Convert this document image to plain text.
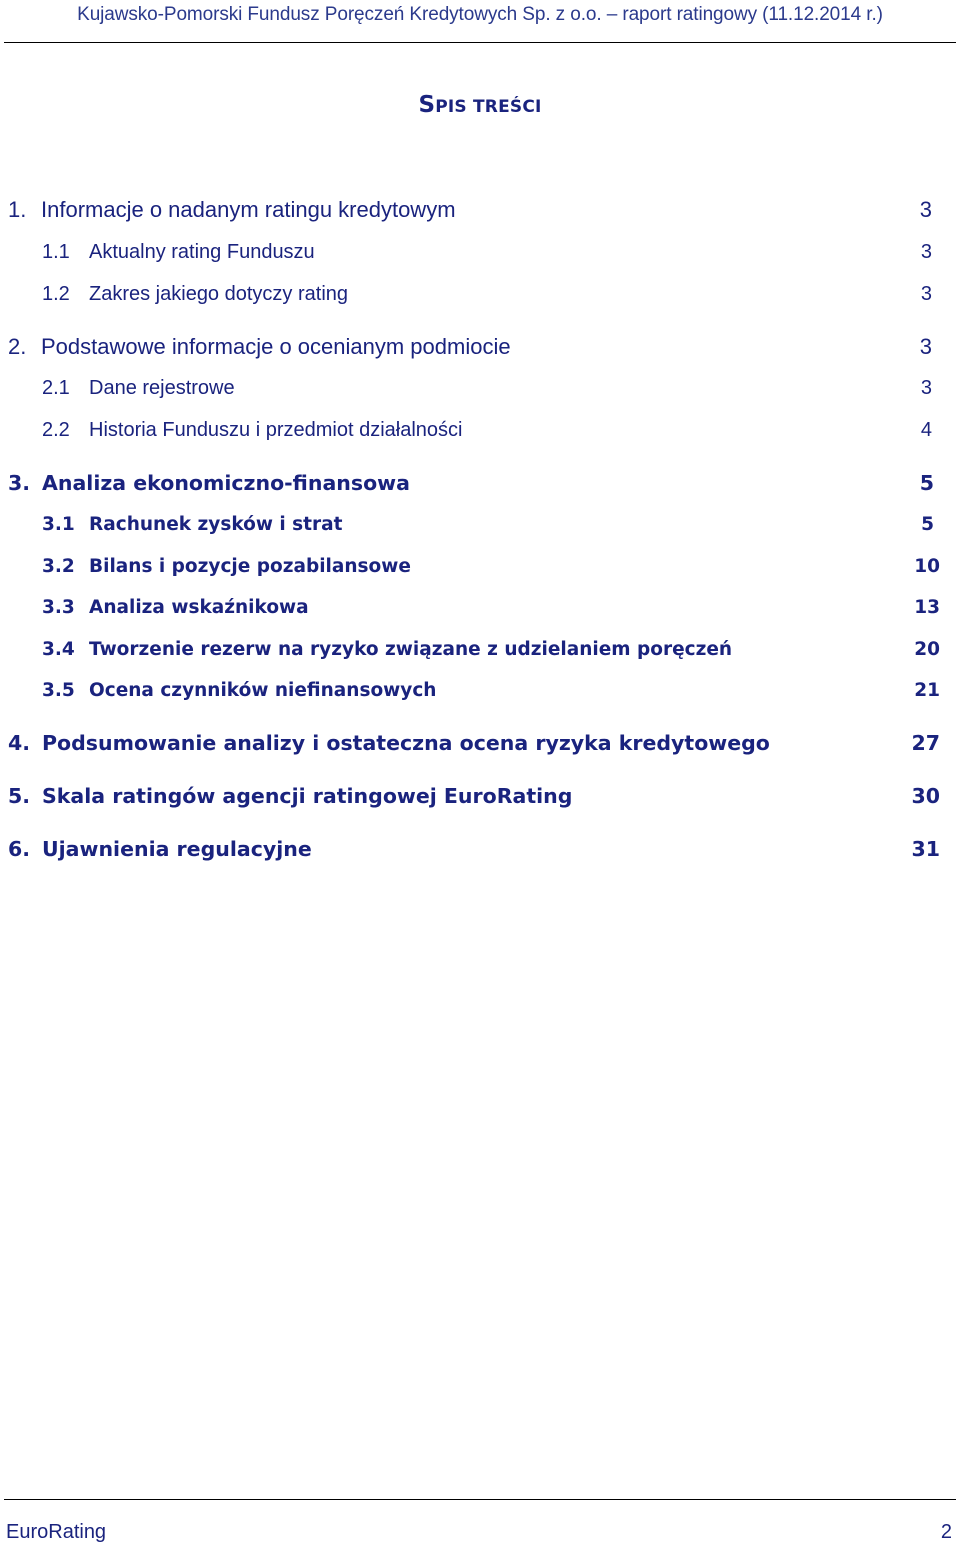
Kujawsko-Pomorski Fundusz Poręczeń Kredytowych Sp. z o.o. – raport ratingowy (11.12.2014 r.)
SPIS TREŚCI
1. Informacje o nadanym ratingu kredytowym	3
1.1 Aktualny rating Funduszu	3
1.2 Zakres jakiego dotyczy rating	3
2. Podstawowe informacje o ocenianym podmiocie	3
2.1 Dane rejestrowe	3
2.2 Historia Funduszu i przedmiot działalności	4
3. Analiza ekonomiczno-finansowa	5
3.1 Rachunek zysków i strat	5
3.2 Bilans i pozycje pozabilansowe	10
3.3 Analiza wskaźnikowa	13
3.4 Tworzenie rezerw na ryzyko związane z udzielaniem poręczeń	20
3.5 Ocena czynników niefinansowych	21
4. Podsumowanie analizy i ostateczna ocena ryzyka kredytowego	27
5. Skala ratingów agencji ratingowej EuroRating	30
6. Ujawnienia regulacyjne	31
EuroRating	2
